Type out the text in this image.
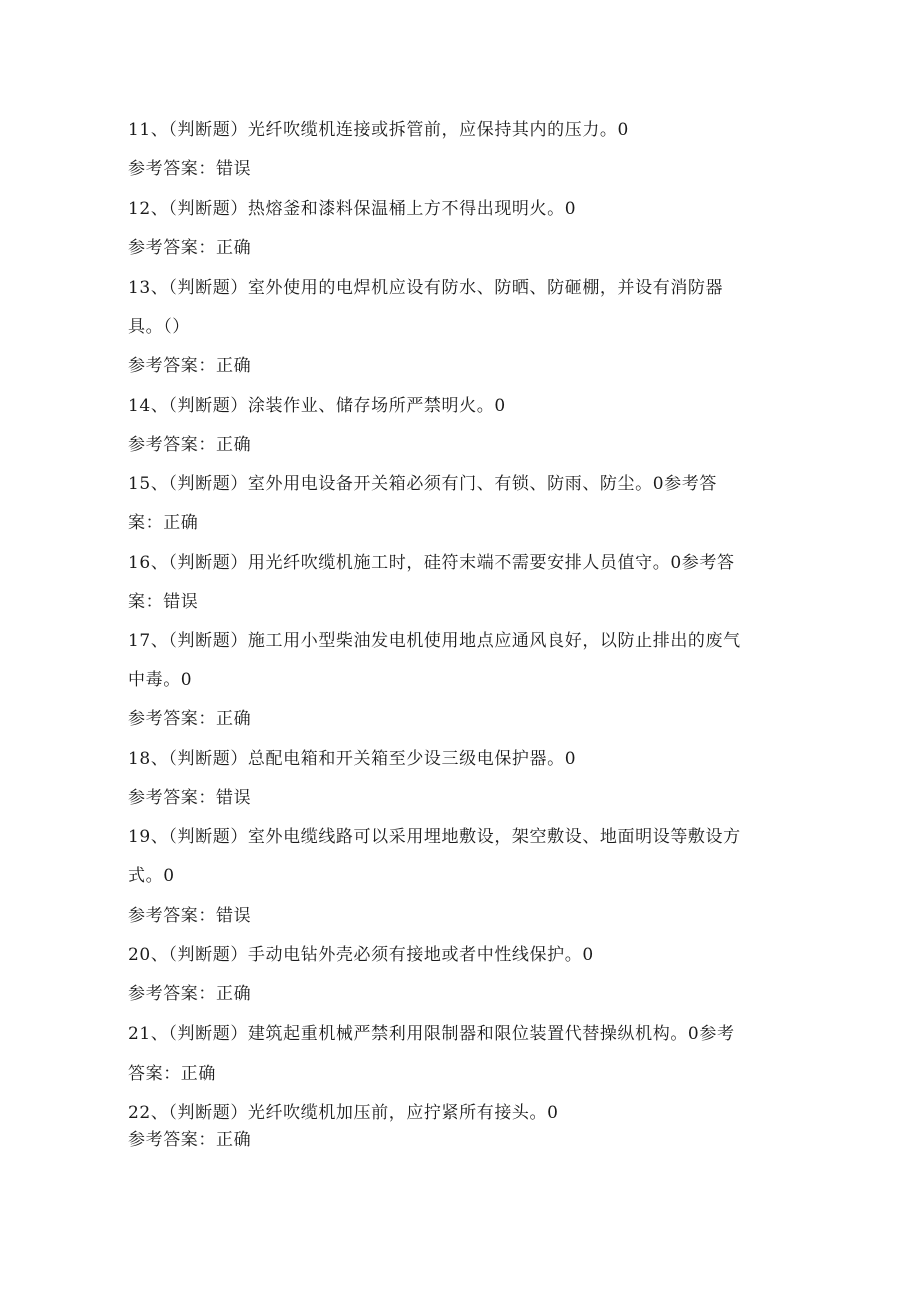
11、（判断题）光纤吹缆机连接或拆管前，应保持其内的压力。0
参考答案：错误
12、（判断题）热熔釜和漆料保温桶上方不得出现明火。0
参考答案：正确
13、（判断题）室外使用的电焊机应设有防水、防晒、防砸棚，并设有消防器
具。（）
参考答案：正确
14、（判断题）涂装作业、储存场所严禁明火。0
参考答案：正确
15、（判断题）室外用电设备开关箱必须有门、有锁、防雨、防尘。0参考答
案：正确
16、（判断题）用光纤吹缆机施工时，硅符末端不需要安排人员值守。0参考答
案：错误
17、（判断题）施工用小型柴油发电机使用地点应通风良好，以防止排出的废气
中毒。0
参考答案：正确
18、（判断题）总配电箱和开关箱至少设三级电保护器。0
参考答案：错误
19、（判断题）室外电缆线路可以采用埋地敷设，架空敷设、地面明设等敷设方
式。0
参考答案：错误
20、（判断题）手动电钻外壳必须有接地或者中性线保护。0
参考答案：正确
21、（判断题）建筑起重机械严禁利用限制器和限位装置代替操纵机构。0参考
答案：正确
22、（判断题）光纤吹缆机加压前，应拧紧所有接头。0
参考答案：正确
